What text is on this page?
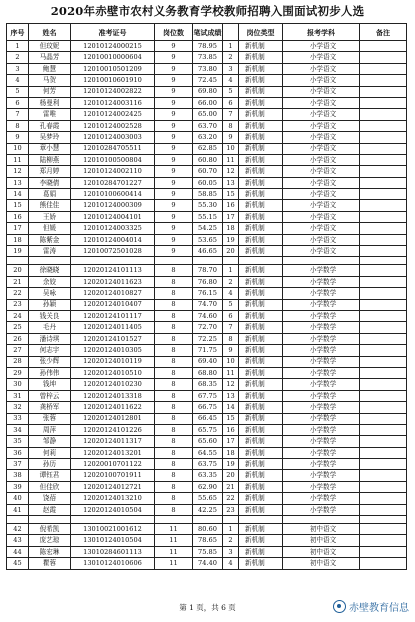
2020年赤壁市农村义务教育学校教师招聘入围面试初步人选
序号	姓名	准考证号	岗位数	笔试成绩		岗位类型	报考学科	备注
1	但玟妮	12010124000215	9	78.95	1	新机制	小学语文	
2	马晶芳	12010010000604	9	73.85	2	新机制	小学语文	
3	鲍慧	12010010501209	9	73.80	3	新机制	小学语文	
4	马贺	12010010601910	9	72.45	4	新机制	小学语文	
5	何芳	12010124002822	9	69.80	5	新机制	小学语文	
6	杨曼利	12010124003116	9	66.00	6	新机制	小学语文	
7	雷唯	12010124002425	9	65.00	7	新机制	小学语文	
8	孔春霞	12010124002528	9	63.70	8	新机制	小学语文	
9	吴梦玲	12010124003003	9	63.20	9	新机制	小学语文	
10	章小慧	12010284705511	9	62.85	10	新机制	小学语文	
11	陆柳燕	12010100500804	9	60.80	11	新机制	小学语文	
12	郑月婷	12010124002110	9	60.70	12	新机制	小学语文	
13	李晓倩	12010284701227	9	60.05	13	新机制	小学语文	
14	葛娟	12010100600414	9	58.85	15	新机制	小学语文	
15	熊佳佳	12010124000309	9	55.30	16	新机制	小学语文	
16	王娇	12010124004101	9	55.15	17	新机制	小学语文	
17	但媛	12010124003325	9	54.25	18	新机制	小学语文	
18	陈紫金	12010124004014	9	53.65	19	新机制	小学语文	
19	雷涛	12010072501028	9	46.65	20	新机制	小学语文	

20	徐晓晓	12020124101113	8	78.70	1	新机制	小学数学	
21	余姣	12020124011623	8	76.80	2	新机制	小学数学	
22	吴咏	12020124010827	8	76.15	4	新机制	小学数学	
23	孙颖	12020124010407	8	74.70	5	新机制	小学数学	
24	钱关良	12020124101117	8	74.60	6	新机制	小学数学	
25	毛丹	12020124011405	8	72.70	7	新机制	小学数学	
26	潘诗琪	12020124101527	8	72.25	8	新机制	小学数学	
27	何志宇	12020124010305	8	71.75	9	新机制	小学数学	
28	张少辉	12020124010119	8	69.40	10	新机制	小学数学	
29	孙伟伟	12020124010510	8	68.80	11	新机制	小学数学	
30	钱坤	12020124010230	8	68.35	12	新机制	小学数学	
31	曾梓云	12020124013318	8	67.75	13	新机制	小学数学	
32	龚桥军	12020124011622	8	66.75	14	新机制	小学数学	
33	张蓉	12020124012801	8	66.45	15	新机制	小学数学	
34	周萍	12020124101226	8	65.75	16	新机制	小学数学	
35	邹静	12020124011317	8	65.60	17	新机制	小学数学	
36	何莉	12020124013201	8	64.55	18	新机制	小学数学	
37	孙历	12020010701122	8	63.75	19	新机制	小学数学	
38	谭钰君	12020100701911	8	63.35	20	新机制	小学数学	
39	但佳欣	12020124012721	8	62.90	21	新机制	小学数学	
40	饶蓓	12020124013210	8	55.65	22	新机制	小学数学	
41	赵霞	12020124010504	8	42.25	23	新机制	小学数学	

42	倪希凯	13010021001612	11	80.60	1	新机制	初中语文	
43	庞艺琼	13010124010504	11	78.65	2	新机制	初中语文	
44	陈宏琳	13010284601113	11	75.85	3	新机制	初中语文	
45	瞿蓉	13010124010606	11	74.40	4	新机制	初中语文	
第 1 页，共 6 页	赤壁教育信息
